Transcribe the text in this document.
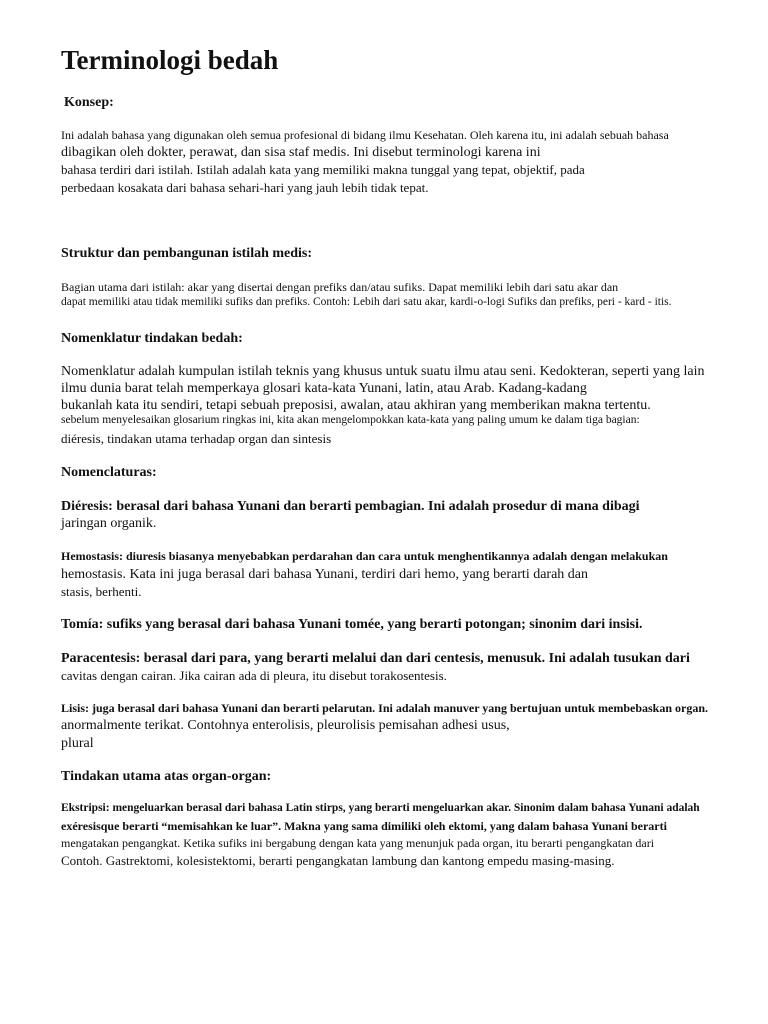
Terminologi bedah
Konsep:
Ini adalah bahasa yang digunakan oleh semua profesional di bidang ilmu Kesehatan. Oleh karena itu, ini adalah sebuah bahasa
dibagikan oleh dokter, perawat, dan sisa staf medis. Ini disebut terminologi karena ini
bahasa terdiri dari istilah. Istilah adalah kata yang memiliki makna tunggal yang tepat, objektif, pada
perbedaan kosakata dari bahasa sehari-hari yang jauh lebih tidak tepat.
Struktur dan pembangunan istilah medis:
Bagian utama dari istilah: akar yang disertai dengan prefiks dan/atau sufiks. Dapat memiliki lebih dari satu akar dan
dapat memiliki atau tidak memiliki sufiks dan prefiks. Contoh: Lebih dari satu akar, kardi-o-logi Sufiks dan prefiks, peri - kard - itis.
Nomenklatur tindakan bedah:
Nomenklatur adalah kumpulan istilah teknis yang khusus untuk suatu ilmu atau seni. Kedokteran, seperti yang lain
ilmu dunia barat telah memperkaya glosari kata-kata Yunani, latin, atau Arab. Kadang-kadang
bukanlah kata itu sendiri, tetapi sebuah preposisi, awalan, atau akhiran yang memberikan makna tertentu.
sebelum menyelesaikan glosarium ringkas ini, kita akan mengelompokkan kata-kata yang paling umum ke dalam tiga bagian:
diéresis, tindakan utama terhadap organ dan sintesis
Nomenclaturas:
Diéresis: berasal dari bahasa Yunani dan berarti pembagian. Ini adalah prosedur di mana dibagi
jaringan organik.
Hemostasis: diuresis biasanya menyebabkan perdarahan dan cara untuk menghentikannya adalah dengan melakukan
hemostasis. Kata ini juga berasal dari bahasa Yunani, terdiri dari hemo, yang berarti darah dan
stasis, berhenti.
Tomía: sufiks yang berasal dari bahasa Yunani tomée, yang berarti potongan; sinonim dari insisi.
Paracentesis: berasal dari para, yang berarti melalui dan dari centesis, menusuk. Ini adalah tusukan dari
cavitas dengan cairan. Jika cairan ada di pleura, itu disebut torakosentesis.
Lisis: juga berasal dari bahasa Yunani dan berarti pelarutan. Ini adalah manuver yang bertujuan untuk membebaskan organ.
anormalmente terikat. Contohnya enterolisis, pleurolisis pemisahan adhesi usus,
plural
Tindakan utama atas organ-organ:
Ekstripsi: mengeluarkan berasal dari bahasa Latin stirps, yang berarti mengeluarkan akar. Sinonim dalam bahasa Yunani adalah
exéresisque berarti “memisahkan ke luar”. Makna yang sama dimiliki oleh ektomi, yang dalam bahasa Yunani berarti
mengatakan pengangkat. Ketika sufiks ini bergabung dengan kata yang menunjuk pada organ, itu berarti pengangkatan dari
Contoh. Gastrektomi, kolesistektomi, berarti pengangkatan lambung dan kantong empedu masing-masing.
